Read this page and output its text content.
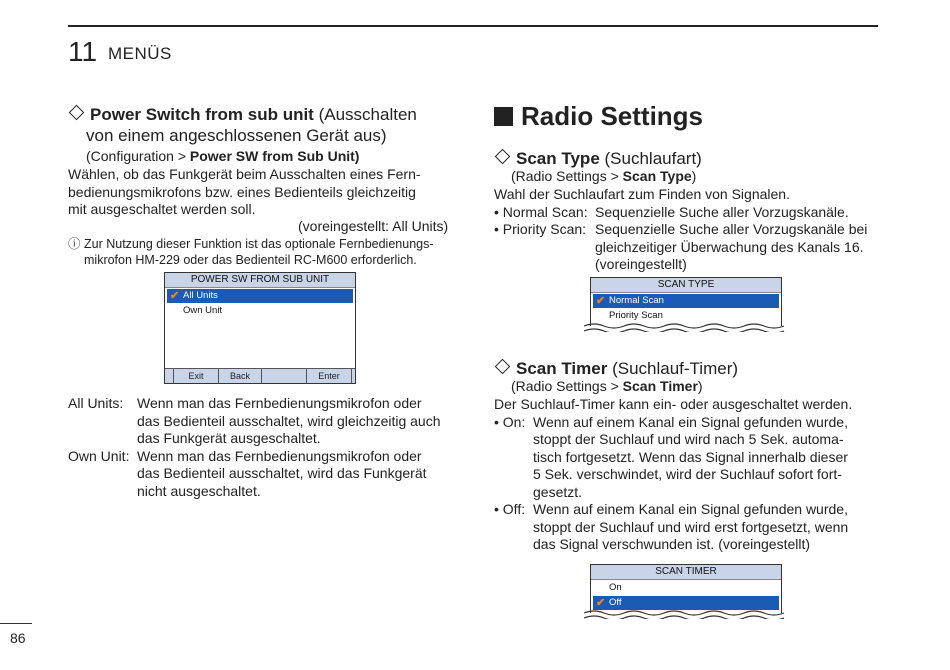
11 MENÜS
Power Switch from sub unit (Ausschalten
von einem angeschlossenen Gerät aus)
(Configuration > Power SW from Sub Unit)
Wählen, ob das Funkgerät beim Ausschalten eines Fern-
bedienungsmikrofons bzw. eines Bedienteils gleichzeitig
mit ausgeschaltet werden soll.
(voreingestellt: All Units)
ⓘ Zur Nutzung dieser Funktion ist das optionale Fernbedienungs-
mikrofon HM-229 oder das Bedienteil RC-M600 erforderlich.
POWER SW FROM SUB UNIT
✔ All Units
Own Unit
Exit	Back	Enter
All Units: Wenn man das Fernbedienungsmikrofon oder
das Bedienteil ausschaltet, wird gleichzeitig auch
das Funkgerät ausgeschaltet.
Own Unit: Wenn man das Fernbedienungsmikrofon oder
das Bedienteil ausschaltet, wird das Funkgerät
nicht ausgeschaltet.
Radio Settings
Scan Type (Suchlaufart)
(Radio Settings > Scan Type)
Wahl der Suchlaufart zum Finden von Signalen.
• Normal Scan: Sequenzielle Suche aller Vorzugskanäle.
• Priority Scan: Sequenzielle Suche aller Vorzugskanäle bei
gleichzeitiger Überwachung des Kanals 16.
(voreingestellt)
SCAN TYPE
✔ Normal Scan
Priority Scan
Scan Timer (Suchlauf-Timer)
(Radio Settings > Scan Timer)
Der Suchlauf-Timer kann ein- oder ausgeschaltet werden.
• On: Wenn auf einem Kanal ein Signal gefunden wurde,
stoppt der Suchlauf und wird nach 5 Sek. automa-
tisch fortgesetzt. Wenn das Signal innerhalb dieser
5 Sek. verschwindet, wird der Suchlauf sofort fort-
gesetzt.
• Off: Wenn auf einem Kanal ein Signal gefunden wurde,
stoppt der Suchlauf und wird erst fortgesetzt, wenn
das Signal verschwunden ist. (voreingestellt)
SCAN TIMER
On
✔ Off
86
